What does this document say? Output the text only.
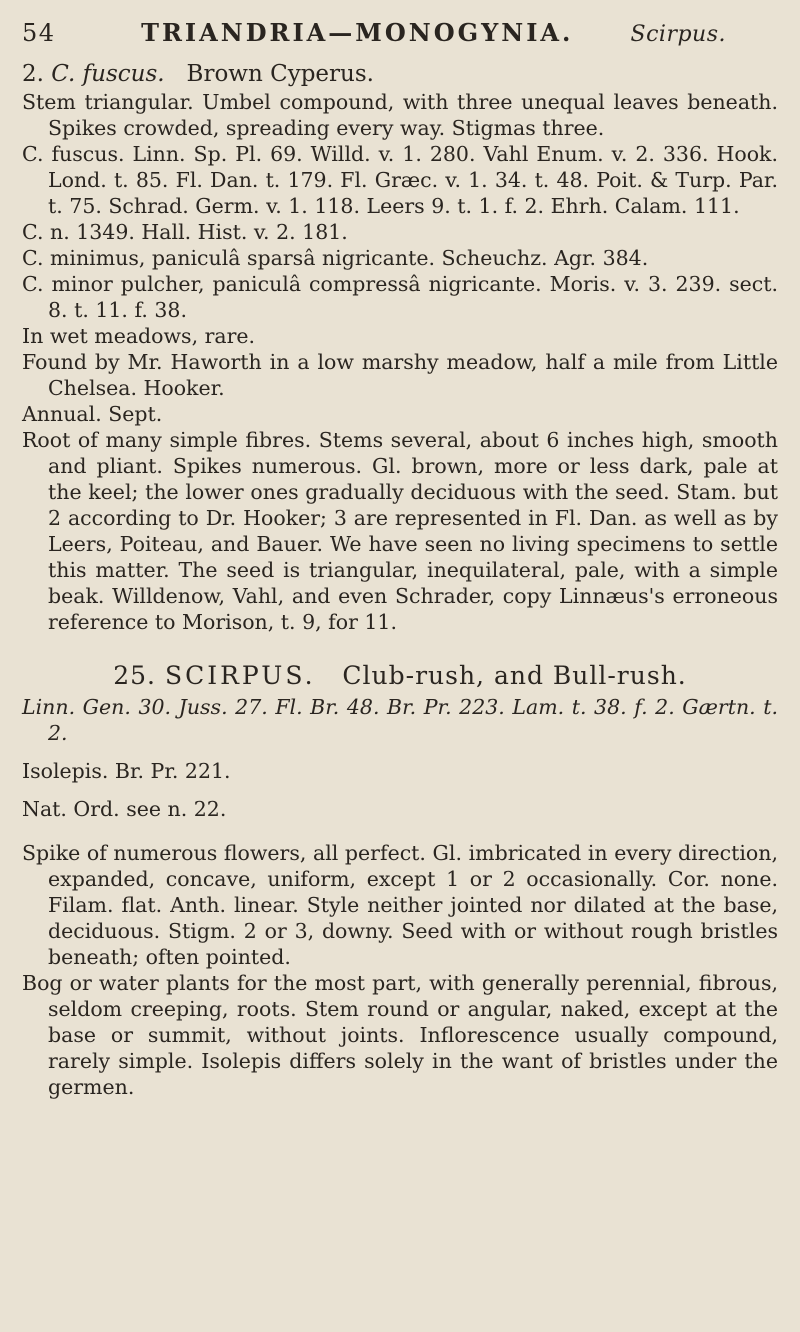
54	TRIANDRIA—MONOGYNIA.	Scirpus.
2. C. fuscus. Brown Cyperus.

Stem triangular. Umbel compound, with three unequal leaves beneath. Spikes crowded, spreading every way. Stigmas three.

C. fuscus. Linn. Sp. Pl. 69. Willd. v. 1. 280. Vahl Enum. v. 2. 336. Hook. Lond. t. 85. Fl. Dan. t. 179. Fl. Græc. v. 1. 34. t. 48. Poit. & Turp. Par. t. 75. Schrad. Germ. v. 1. 118. Leers 9. t. 1. f. 2. Ehrh. Calam. 111.

C. n. 1349. Hall. Hist. v. 2. 181.

C. minimus, paniculâ sparsâ nigricante. Scheuchz. Agr. 384.

C. minor pulcher, paniculâ compressâ nigricante. Moris. v. 3. 239. sect. 8. t. 11. f. 38.

In wet meadows, rare.

Found by Mr. Haworth in a low marshy meadow, half a mile from Little Chelsea. Hooker.

Annual. Sept.

Root of many simple fibres. Stems several, about 6 inches high, smooth and pliant. Spikes numerous. Gl. brown, more or less dark, pale at the keel; the lower ones gradually deciduous with the seed. Stam. but 2 according to Dr. Hooker; 3 are represented in Fl. Dan. as well as by Leers, Poiteau, and Bauer. We have seen no living specimens to settle this matter. The seed is triangular, inequilateral, pale, with a simple beak. Willdenow, Vahl, and even Schrader, copy Linnæus's erroneous reference to Morison, t. 9, for 11.

25. SCIRPUS. Club-rush, and Bull-rush.

Linn. Gen. 30. Juss. 27. Fl. Br. 48. Br. Pr. 223. Lam. t. 38. f. 2. Gærtn. t. 2.

Isolepis. Br. Pr. 221.

Nat. Ord. see n. 22.

Spike of numerous flowers, all perfect. Gl. imbricated in every direction, expanded, concave, uniform, except 1 or 2 occasionally. Cor. none. Filam. flat. Anth. linear. Style neither jointed nor dilated at the base, deciduous. Stigm. 2 or 3, downy. Seed with or without rough bristles beneath; often pointed.

Bog or water plants for the most part, with generally perennial, fibrous, seldom creeping, roots. Stem round or angular, naked, except at the base or summit, without joints. Inflorescence usually compound, rarely simple. Isolepis differs solely in the want of bristles under the germen.
